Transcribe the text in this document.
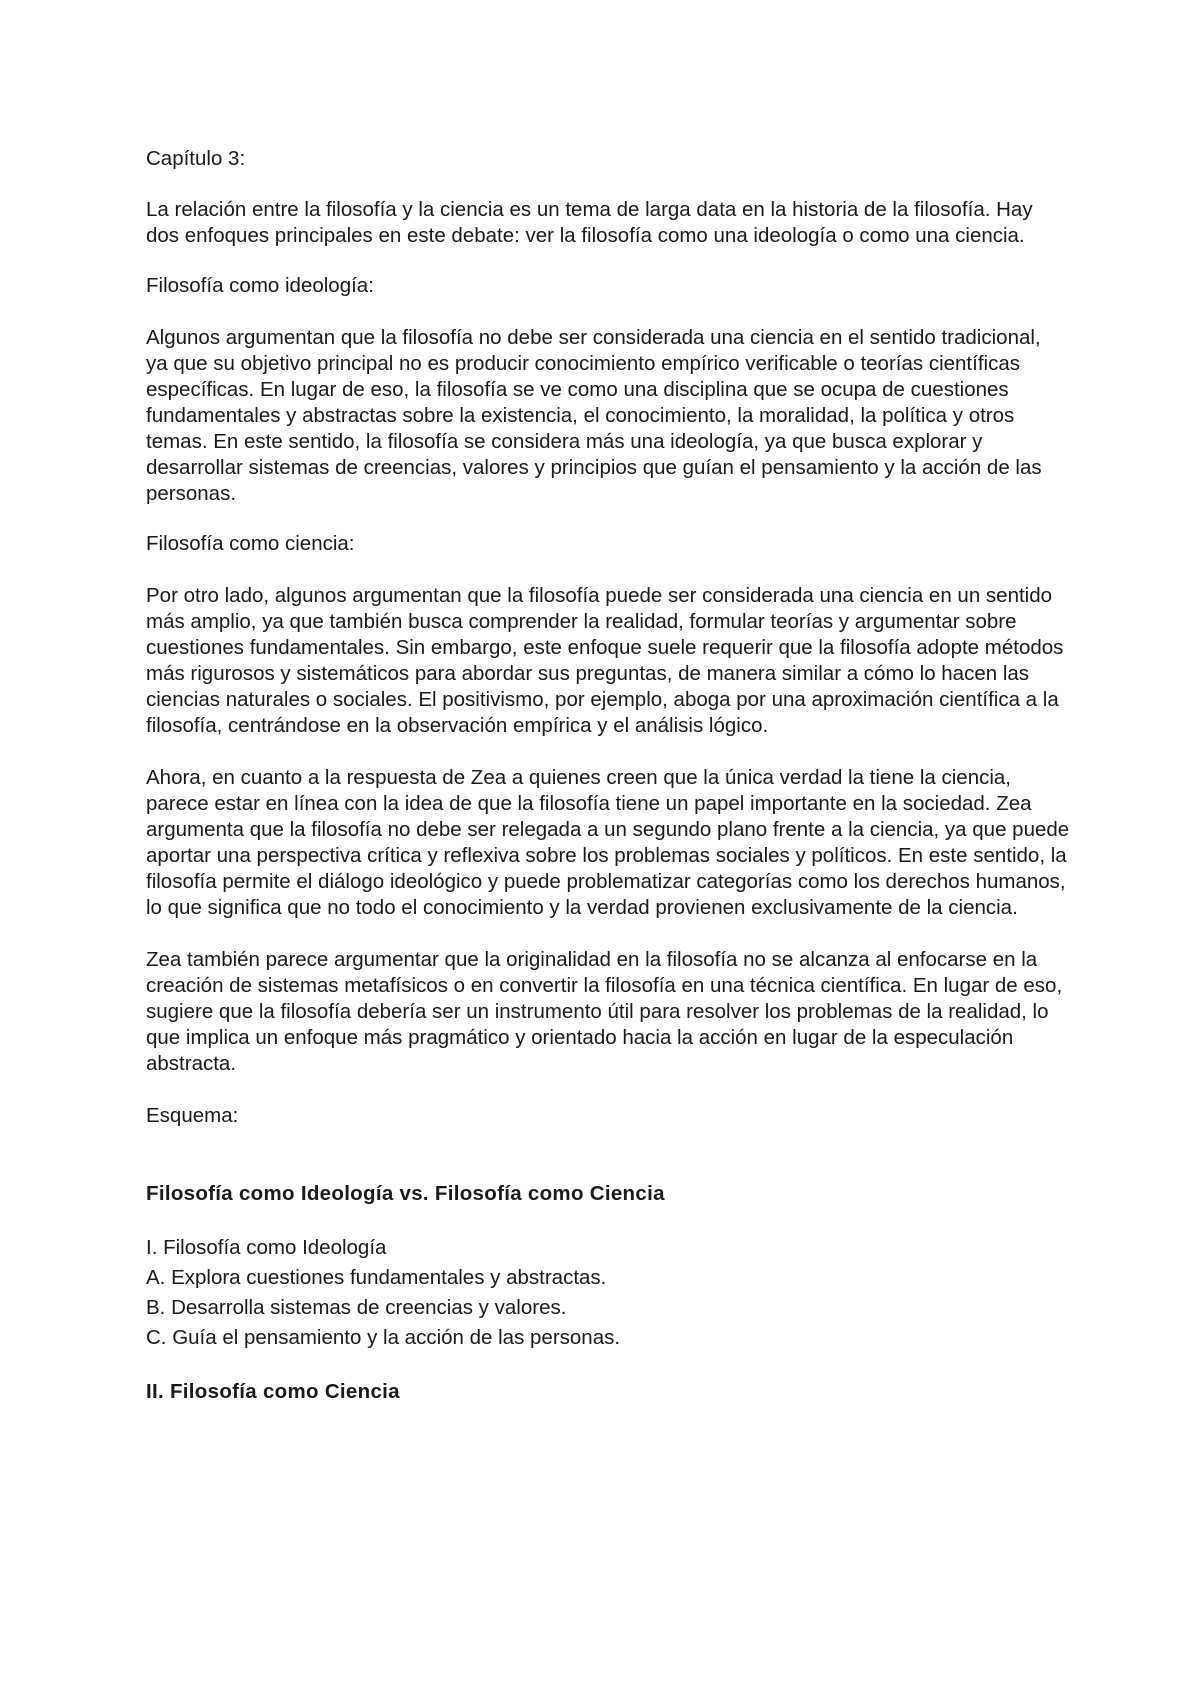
Capítulo 3:

La relación entre la filosofía y la ciencia es un tema de larga data en la historia de la filosofía. Hay dos enfoques principales en este debate: ver la filosofía como una ideología o como una ciencia.

Filosofía como ideología:

Algunos argumentan que la filosofía no debe ser considerada una ciencia en el sentido tradicional, ya que su objetivo principal no es producir conocimiento empírico verificable o teorías científicas específicas. En lugar de eso, la filosofía se ve como una disciplina que se ocupa de cuestiones fundamentales y abstractas sobre la existencia, el conocimiento, la moralidad, la política y otros temas. En este sentido, la filosofía se considera más una ideología, ya que busca explorar y desarrollar sistemas de creencias, valores y principios que guían el pensamiento y la acción de las personas.

Filosofía como ciencia:

Por otro lado, algunos argumentan que la filosofía puede ser considerada una ciencia en un sentido más amplio, ya que también busca comprender la realidad, formular teorías y argumentar sobre cuestiones fundamentales. Sin embargo, este enfoque suele requerir que la filosofía adopte métodos más rigurosos y sistemáticos para abordar sus preguntas, de manera similar a cómo lo hacen las ciencias naturales o sociales. El positivismo, por ejemplo, aboga por una aproximación científica a la filosofía, centrándose en la observación empírica y el análisis lógico.

Ahora, en cuanto a la respuesta de Zea a quienes creen que la única verdad la tiene la ciencia, parece estar en línea con la idea de que la filosofía tiene un papel importante en la sociedad. Zea argumenta que la filosofía no debe ser relegada a un segundo plano frente a la ciencia, ya que puede aportar una perspectiva crítica y reflexiva sobre los problemas sociales y políticos. En este sentido, la filosofía permite el diálogo ideológico y puede problematizar categorías como los derechos humanos, lo que significa que no todo el conocimiento y la verdad provienen exclusivamente de la ciencia.

Zea también parece argumentar que la originalidad en la filosofía no se alcanza al enfocarse en la creación de sistemas metafísicos o en convertir la filosofía en una técnica científica. En lugar de eso, sugiere que la filosofía debería ser un instrumento útil para resolver los problemas de la realidad, lo que implica un enfoque más pragmático y orientado hacia la acción en lugar de la especulación abstracta.

Esquema:

Filosofía como Ideología vs. Filosofía como Ciencia

I. Filosofía como Ideología

A. Explora cuestiones fundamentales y abstractas.

B. Desarrolla sistemas de creencias y valores.

C. Guía el pensamiento y la acción de las personas.

II. Filosofía como Ciencia
